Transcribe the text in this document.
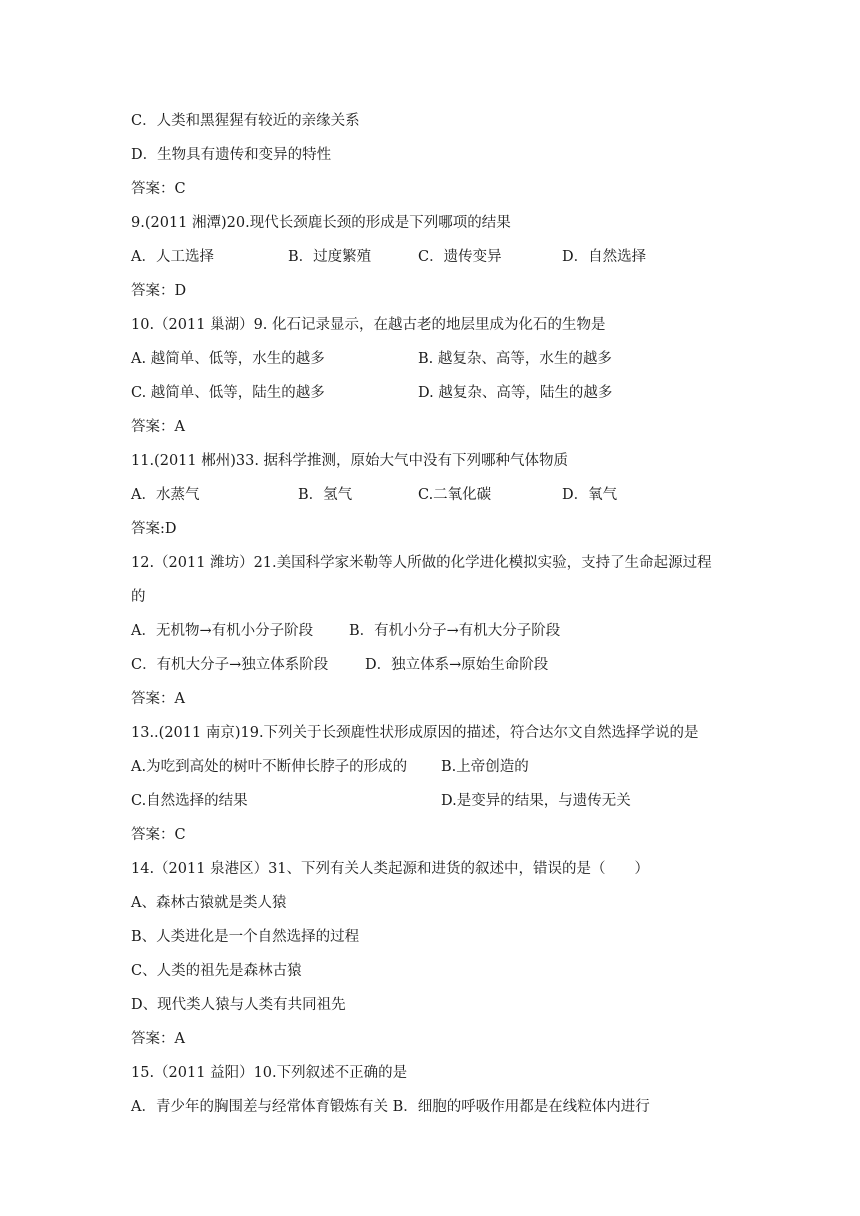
C．人类和黑猩猩有较近的亲缘关系
D．生物具有遗传和变异的特性
答案：C
9.(2011 湘潭)20.现代长颈鹿长颈的形成是下列哪项的结果
A．人工选择	B．过度繁殖	C．遗传变异	D．自然选择
答案：D
10.（2011 巢湖）9. 化石记录显示，在越古老的地层里成为化石的生物是
A. 越简单、低等，水生的越多	B. 越复杂、高等，水生的越多
C. 越简单、低等，陆生的越多	D. 越复杂、高等，陆生的越多
答案：A
11.(2011 郴州)33. 据科学推测，原始大气中没有下列哪种气体物质
A．水蒸气	B．氢气	C.二氧化碳	D．氧气
答案:D
12.（2011 潍坊）21.美国科学家米勒等人所做的化学进化模拟实验，支持了生命起源过程
的
A．无机物→有机小分子阶段 B．有机小分子→有机大分子阶段
C．有机大分子→独立体系阶段	D．独立体系→原始生命阶段
答案：A
13..(2011 南京)19.下列关于长颈鹿性状形成原因的描述，符合达尔文自然选择学说的是
A.为吃到高处的树叶不断伸长脖子的形成的 B.上帝创造的
C.自然选择的结果	D.是变异的结果，与遗传无关
答案：C
14.（2011 泉港区）31、下列有关人类起源和进货的叙述中，错误的是（　　）
A、森林古猿就是类人猿
B、人类进化是一个自然选择的过程
C、人类的祖先是森林古猿
D、现代类人猿与人类有共同祖先
答案：A
15.（2011 益阳）10.下列叙述不正确的是
A．青少年的胸围差与经常体育锻炼有关 B．细胞的呼吸作用都是在线粒体内进行
